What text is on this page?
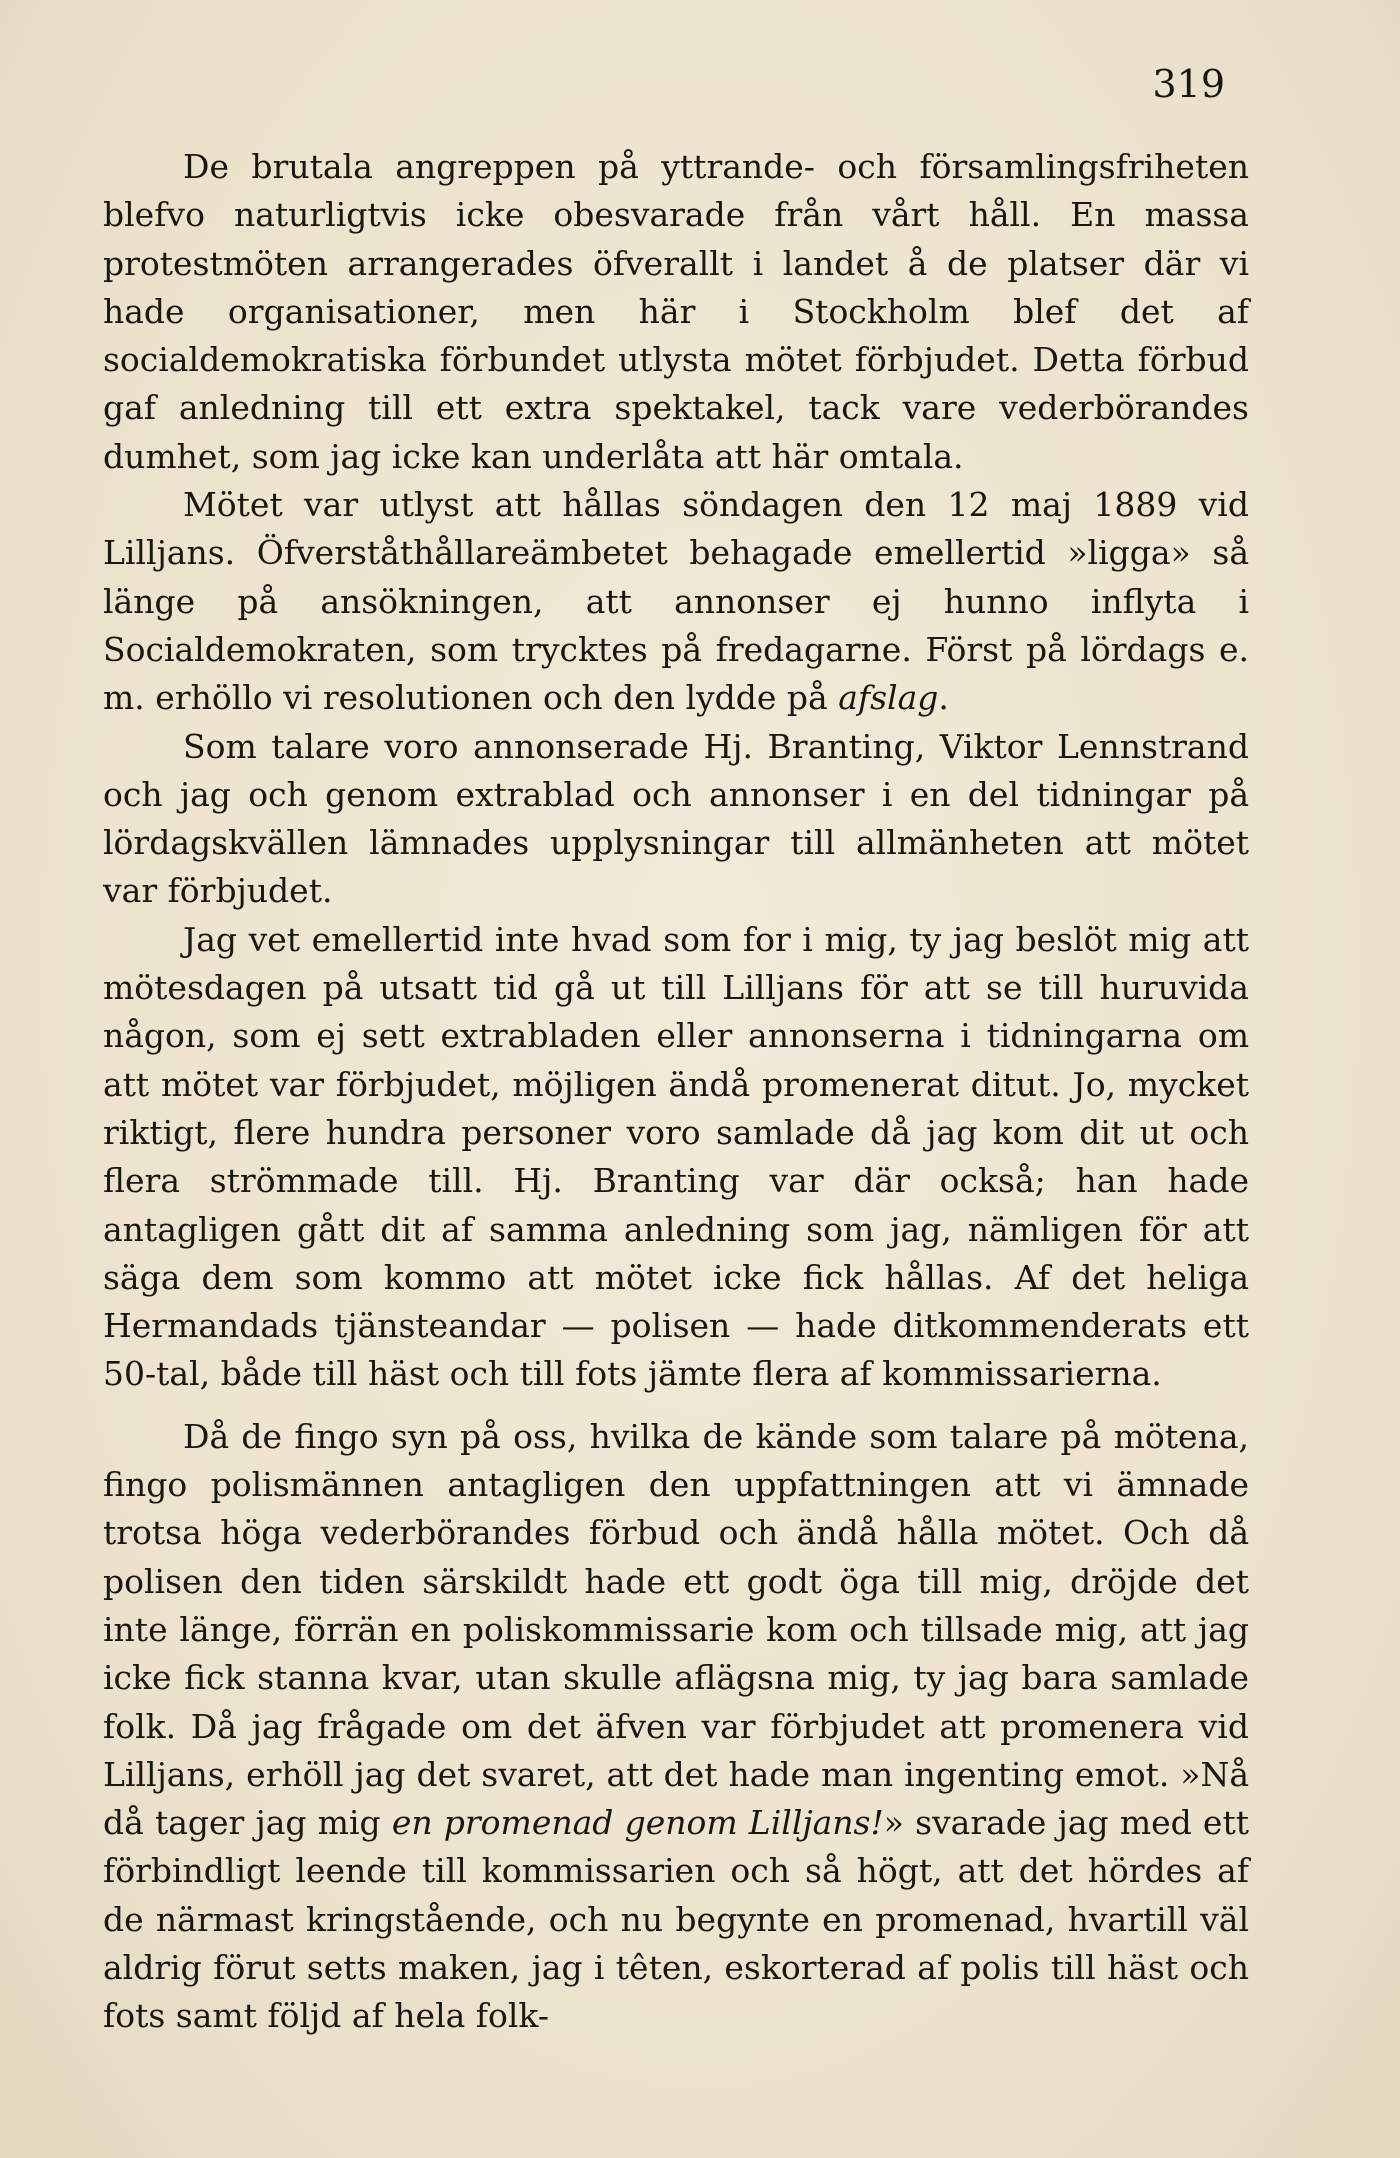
319

De brutala angreppen på yttrande- och församlingsfriheten blefvo naturligtvis icke obesvarade från vårt håll. En massa protestmöten arrangerades öfverallt i landet å de platser där vi hade organisationer, men här i Stockholm blef det af socialdemokratiska förbundet utlysta mötet förbjudet. Detta förbud gaf anledning till ett extra spektakel, tack vare vederbörandes dumhet, som jag icke kan underlåta att här omtala.

Mötet var utlyst att hållas söndagen den 12 maj 1889 vid Lilljans. Öfverståthållareämbetet behagade emellertid »ligga» så länge på ansökningen, att annonser ej hunno inflyta i Socialdemokraten, som trycktes på fredagarne. Först på lördags e. m. erhöllo vi resolutionen och den lydde på afslag.

Som talare voro annonserade Hj. Branting, Viktor Lennstrand och jag och genom extrablad och annonser i en del tidningar på lördagskvällen lämnades upplysningar till allmänheten att mötet var förbjudet.

Jag vet emellertid inte hvad som for i mig, ty jag beslöt mig att mötesdagen på utsatt tid gå ut till Lilljans för att se till huruvida någon, som ej sett extrabladen eller annonserna i tidningarna om att mötet var förbjudet, möjligen ändå promenerat ditut. Jo, mycket riktigt, flere hundra personer voro samlade då jag kom dit ut och flera strömmade till. Hj. Branting var där också; han hade antagligen gått dit af samma anledning som jag, nämligen för att säga dem som kommo att mötet icke fick hållas. Af det heliga Hermandads tjänsteandar — polisen — hade ditkommenderats ett 50-tal, både till häst och till fots jämte flera af kommissarierna.

Då de fingo syn på oss, hvilka de kände som talare på mötena, fingo polismännen antagligen den uppfattningen att vi ämnade trotsa höga vederbörandes förbud och ändå hålla mötet. Och då polisen den tiden särskildt hade ett godt öga till mig, dröjde det inte länge, förrän en poliskommissarie kom och tillsade mig, att jag icke fick stanna kvar, utan skulle aflägsna mig, ty jag bara samlade folk. Då jag frågade om det äfven var förbjudet att promenera vid Lilljans, erhöll jag det svaret, att det hade man ingenting emot. »Nå då tager jag mig en promenad genom Lilljans!» svarade jag med ett förbindligt leende till kommissarien och så högt, att det hördes af de närmast kringstående, och nu begynte en promenad, hvartill väl aldrig förut setts maken, jag i têten, eskorterad af polis till häst och fots samt följd af hela folk-
